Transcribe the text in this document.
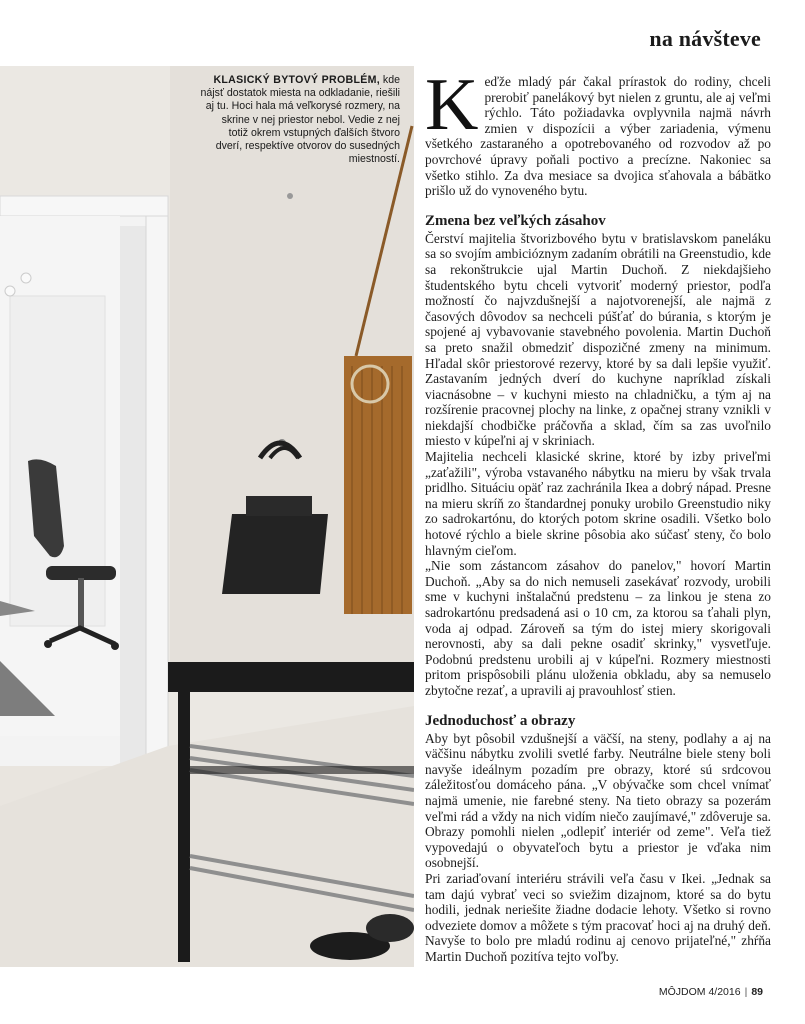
na návšteve
KLASICKÝ BYTOVÝ PROBLÉM, kde nájsť dostatok miesta na odkladanie, riešili aj tu. Hoci hala má veľkorysé rozmery, na skrine v nej priestor nebol. Vedie z nej totiž okrem vstupných ďalších štvoro dverí, respektíve otvorov do susedných miestností.

Keďže mladý pár čakal prírastok do rodiny, chceli prerobiť panelákový byt nielen z gruntu, ale aj veľmi rýchlo. Táto požiadavka ovplyvnila najmä návrh zmien v dispozícii a výber zariadenia, výmenu všetkého zastaraného a opotrebovaného od rozvodov až po povrchové úpravy poňali poctivo a precízne. Nakoniec sa všetko stihlo. Za dva mesiace sa dvojica sťahovala a bábätko prišlo už do vynoveného bytu.

Zmena bez veľkých zásahov

Čerství majitelia štvorizbového bytu v bratislavskom paneláku sa so svojím ambicióznym zadaním obrátili na Greenstudio, kde sa rekonštrukcie ujal Martin Duchoň. Z niekdajšieho študentského bytu chceli vytvoriť moderný priestor, podľa možností čo najvzdušnejší a najotvorenejší, ale najmä z časových dôvodov sa nechceli púšťať do búrania, s ktorým je spojené aj vybavovanie stavebného povolenia. Martin Duchoň sa preto snažil obmedziť dispozičné zmeny na minimum. Hľadal skôr priestorové rezervy, ktoré by sa dali lepšie využiť. Zastavaním jedných dverí do kuchyne napríklad získali viacnásobne – v kuchyni miesto na chladničku, a tým aj na rozšírenie pracovnej plochy na linke, z opačnej strany vznikli v niekdajší chodbičke práčovňa a sklad, čím sa zas uvoľnilo miesto v kúpeľni aj v skriniach.

Majitelia nechceli klasické skrine, ktoré by izby priveľmi „zaťažili", výroba vstavaného nábytku na mieru by však trvala pridlho. Situáciu opäť raz zachránila Ikea a dobrý nápad. Presne na mieru skríň zo štandardnej ponuky urobilo Greenstudio niky zo sadrokartónu, do ktorých potom skrine osadili. Všetko bolo hotové rýchlo a biele skrine pôsobia ako súčasť steny, čo bolo hlavným cieľom.

„Nie som zástancom zásahov do panelov," hovorí Martin Duchoň. „Aby sa do nich nemuseli zasekávať rozvody, urobili sme v kuchyni inštalačnú predstenu – za linkou je stena zo sadrokartónu predsadená asi o 10 cm, za ktorou sa ťahali plyn, voda aj odpad. Zároveň sa tým do istej miery skorigovali nerovnosti, aby sa dali pekne osadiť skrinky," vysvetľuje. Podobnú predstenu urobili aj v kúpeľni. Rozmery miestnosti pritom prispôsobili plánu uloženia obkladu, aby sa nemuselo zbytočne rezať, a upravili aj pravouhlosť stien.

Jednoduchosť a obrazy

Aby byt pôsobil vzdušnejší a väčší, na steny, podlahy a aj na väčšinu nábytku zvolili svetlé farby. Neutrálne biele steny boli navyše ideálnym pozadím pre obrazy, ktoré sú srdcovou záležitosťou domáceho pána. „V obývačke som chcel vnímať najmä umenie, nie farebné steny. Na tieto obrazy sa pozerám veľmi rád a vždy na nich vidím niečo zaujímavé," zdôveruje sa. Obrazy pomohli nielen „odlepiť interiér od zeme". Veľa tiež vypovedajú o obyvateľoch bytu a priestor je vďaka nim osobnejší.

Pri zariaďovaní interiéru strávili veľa času v Ikei. „Jednak sa tam dajú vybrať veci so sviežim dizajnom, ktoré sa do bytu hodili, jednak neriešite žiadne dodacie lehoty. Všetko si rovno odveziete domov a môžete s tým pracovať hoci aj na druhý deň. Navyše to bolo pre mladú rodinu aj cenovo prijateľné," zhŕňa Martin Duchoň pozitíva tejto voľby.

MÔJDOM 4/2016 | 89
